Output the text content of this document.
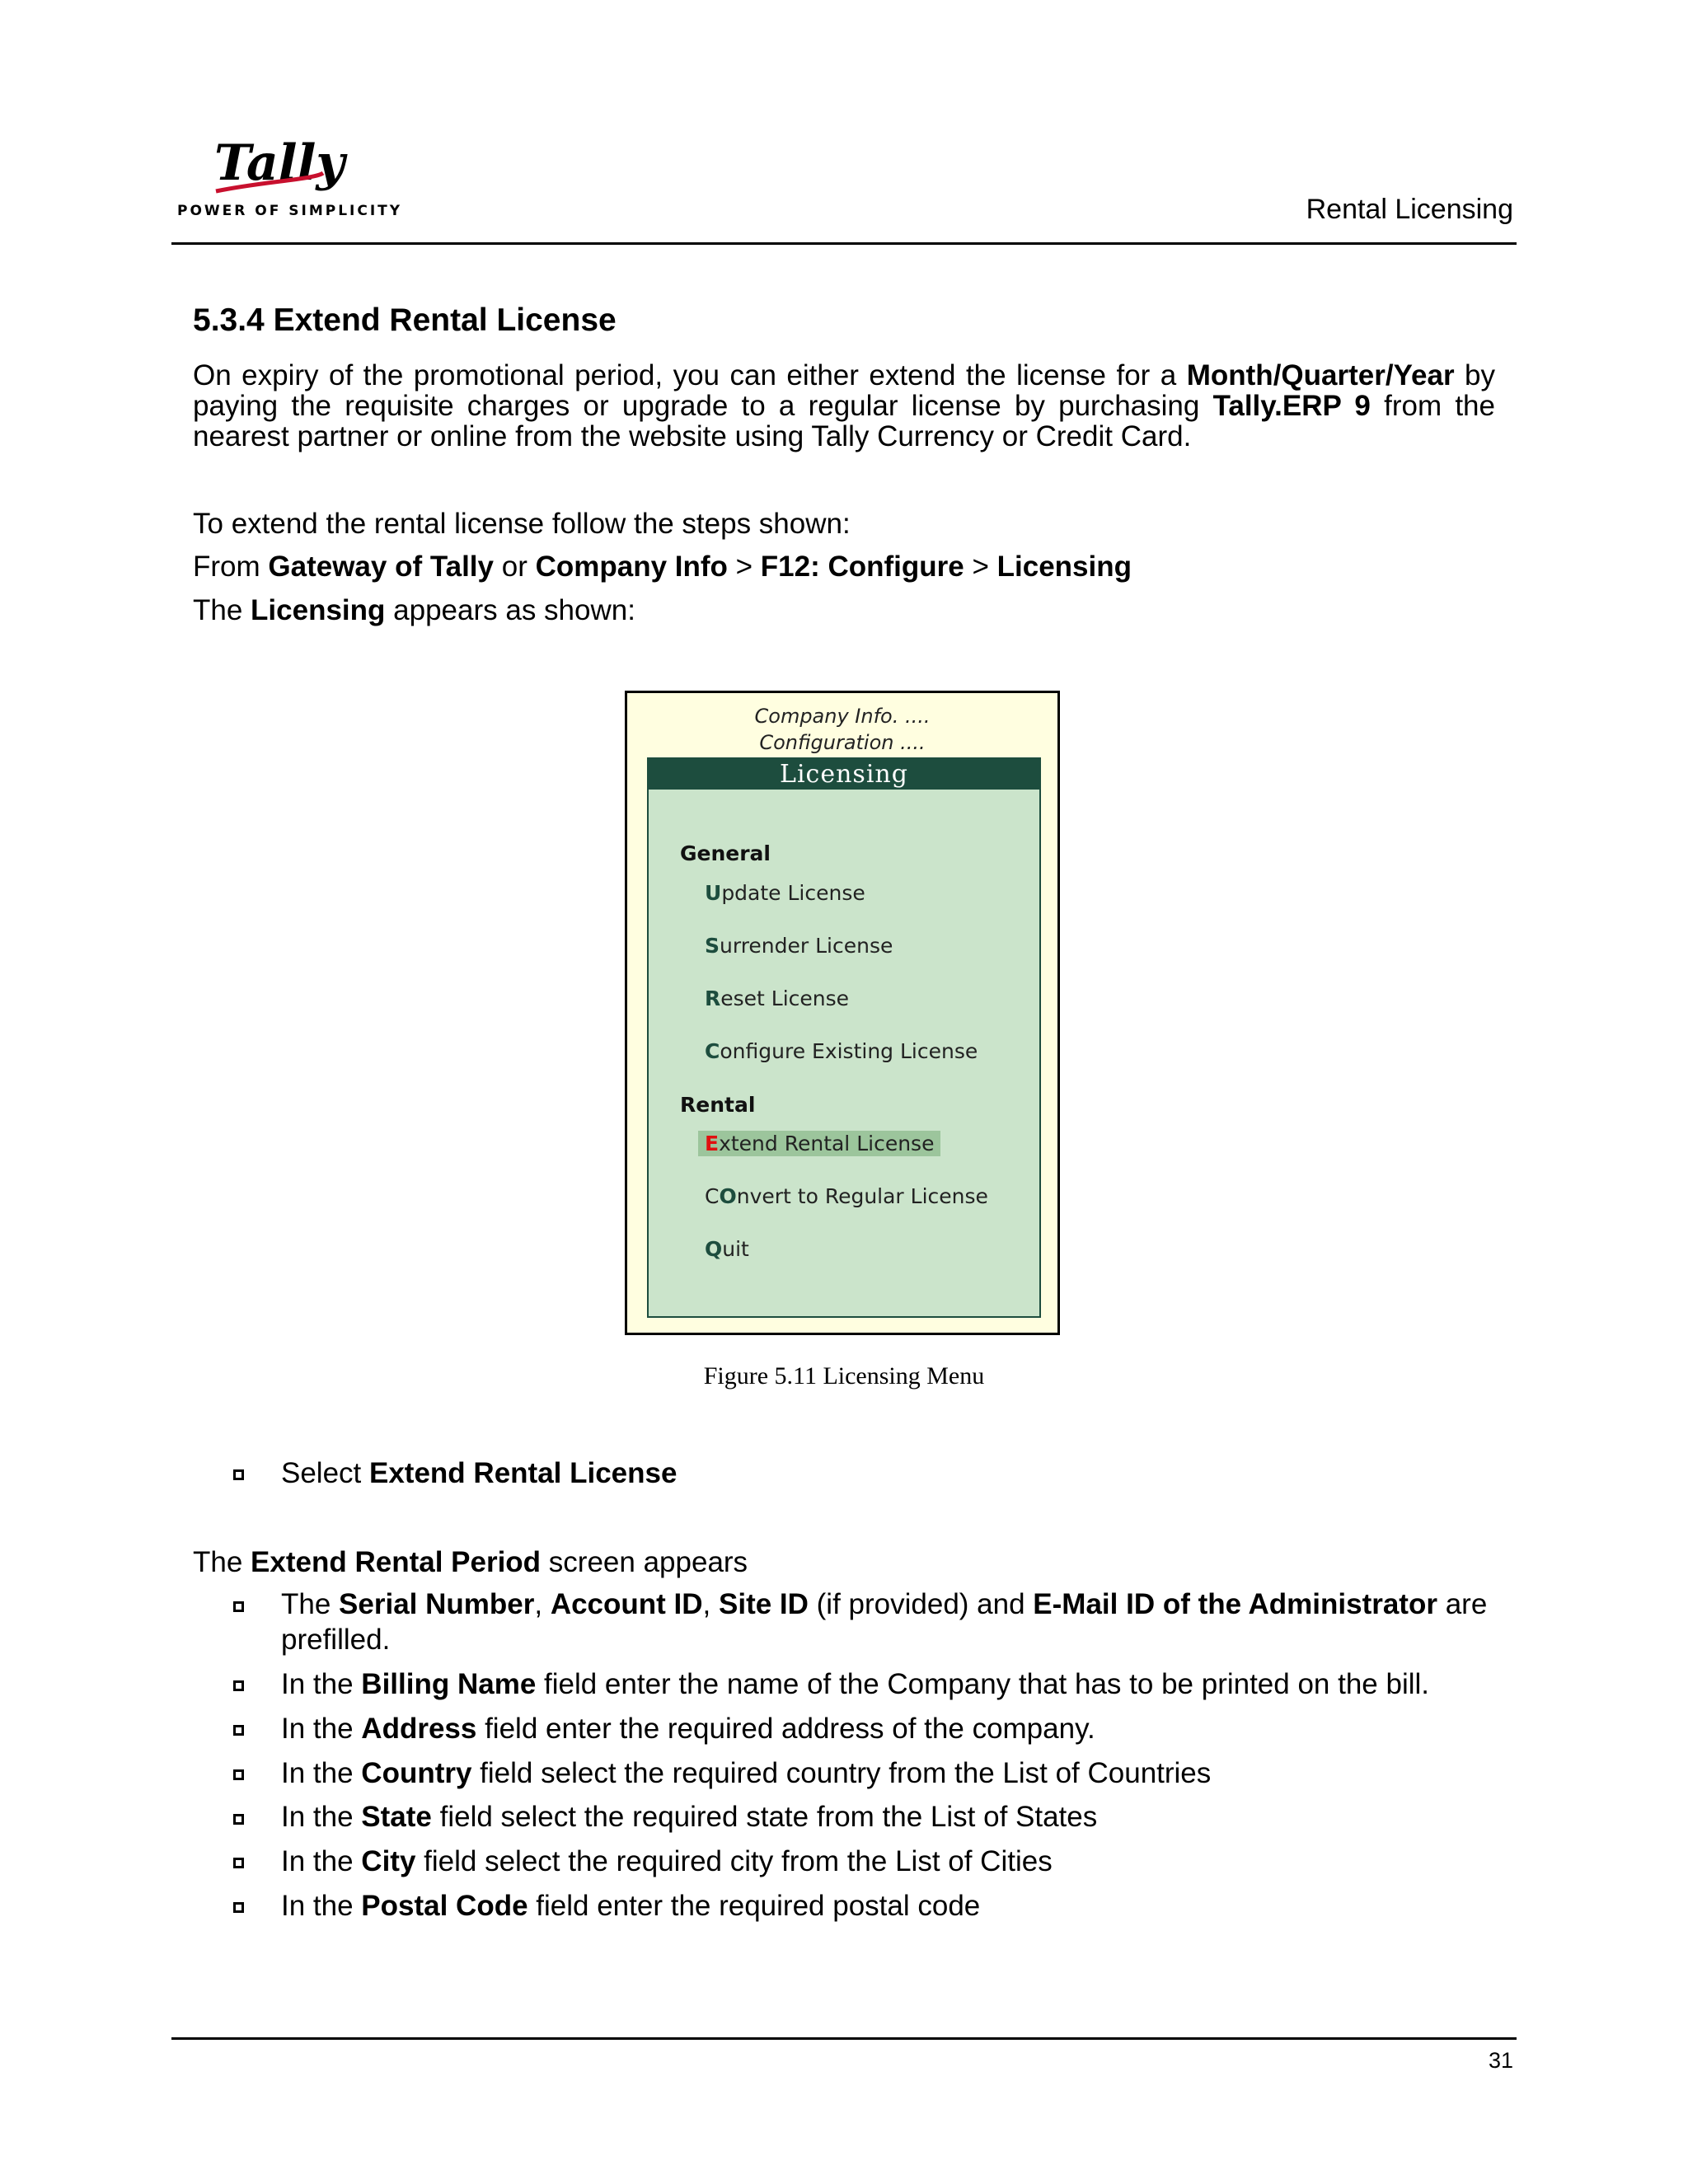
Tally
POWER OF SIMPLICITY	Rental Licensing
5.3.4 Extend Rental License
On expiry of the promotional period, you can either extend the license for a Month/Quarter/Year by paying the requisite charges or upgrade to a regular license by purchasing Tally.ERP 9 from the nearest partner or online from the website using Tally Currency or Credit Card.
To extend the rental license follow the steps shown:
From Gateway of Tally or Company Info > F12: Configure > Licensing
The Licensing appears as shown:
Company Info. ....
Configuration ....
Licensing
General
Update License
Surrender License
Reset License
Configure Existing License
Rental
Extend Rental License
COnvert to Regular License
Quit
Figure 5.11 Licensing Menu
Select Extend Rental License
The Extend Rental Period screen appears
The Serial Number, Account ID, Site ID (if provided) and E-Mail ID of the Administrator are prefilled.
In the Billing Name field enter the name of the Company that has to be printed on the bill.
In the Address field enter the required address of the company.
In the Country field select the required country from the List of Countries
In the State field select the required state from the List of States
In the City field select the required city from the List of Cities
In the Postal Code field enter the required postal code
31
